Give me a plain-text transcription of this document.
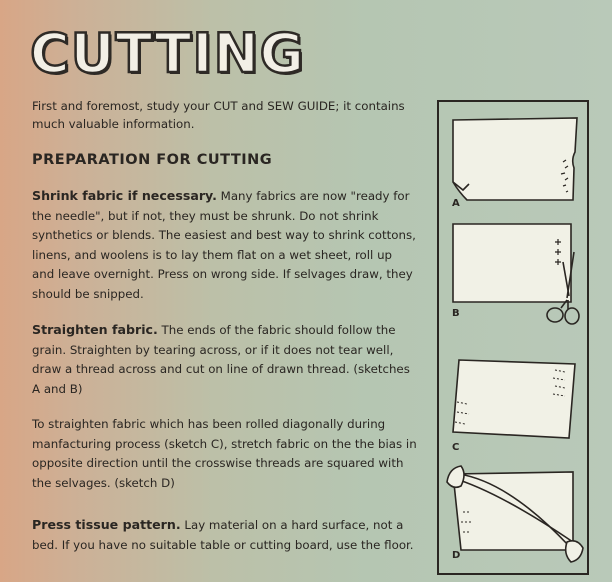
CUTTING

First and foremost, study your CUT and SEW GUIDE; it contains much valuable information.

PREPARATION FOR CUTTING

Shrink fabric if necessary. Many fabrics are now "ready for the needle", but if not, they must be shrunk. Do not shrink synthetics or blends. The easiest and best way to shrink cottons, linens, and woolens is to lay them flat on a wet sheet, roll up and leave overnight. Press on wrong side. If selvages draw, they should be snipped.

Straighten fabric. The ends of the fabric should follow the grain. Straighten by tearing across, or if it does not tear well, draw a thread across and cut on line of drawn thread. (sketches A and B)

To straighten fabric which has been rolled diagonally during manfacturing process (sketch C), stretch fabric on the the bias in opposite direction until the crosswise threads are squared with the selvages. (sketch D)

Press tissue pattern. Lay material on a hard surface, not a bed. If you have no suitable table or cutting board, use the floor.

A
B
C
D
